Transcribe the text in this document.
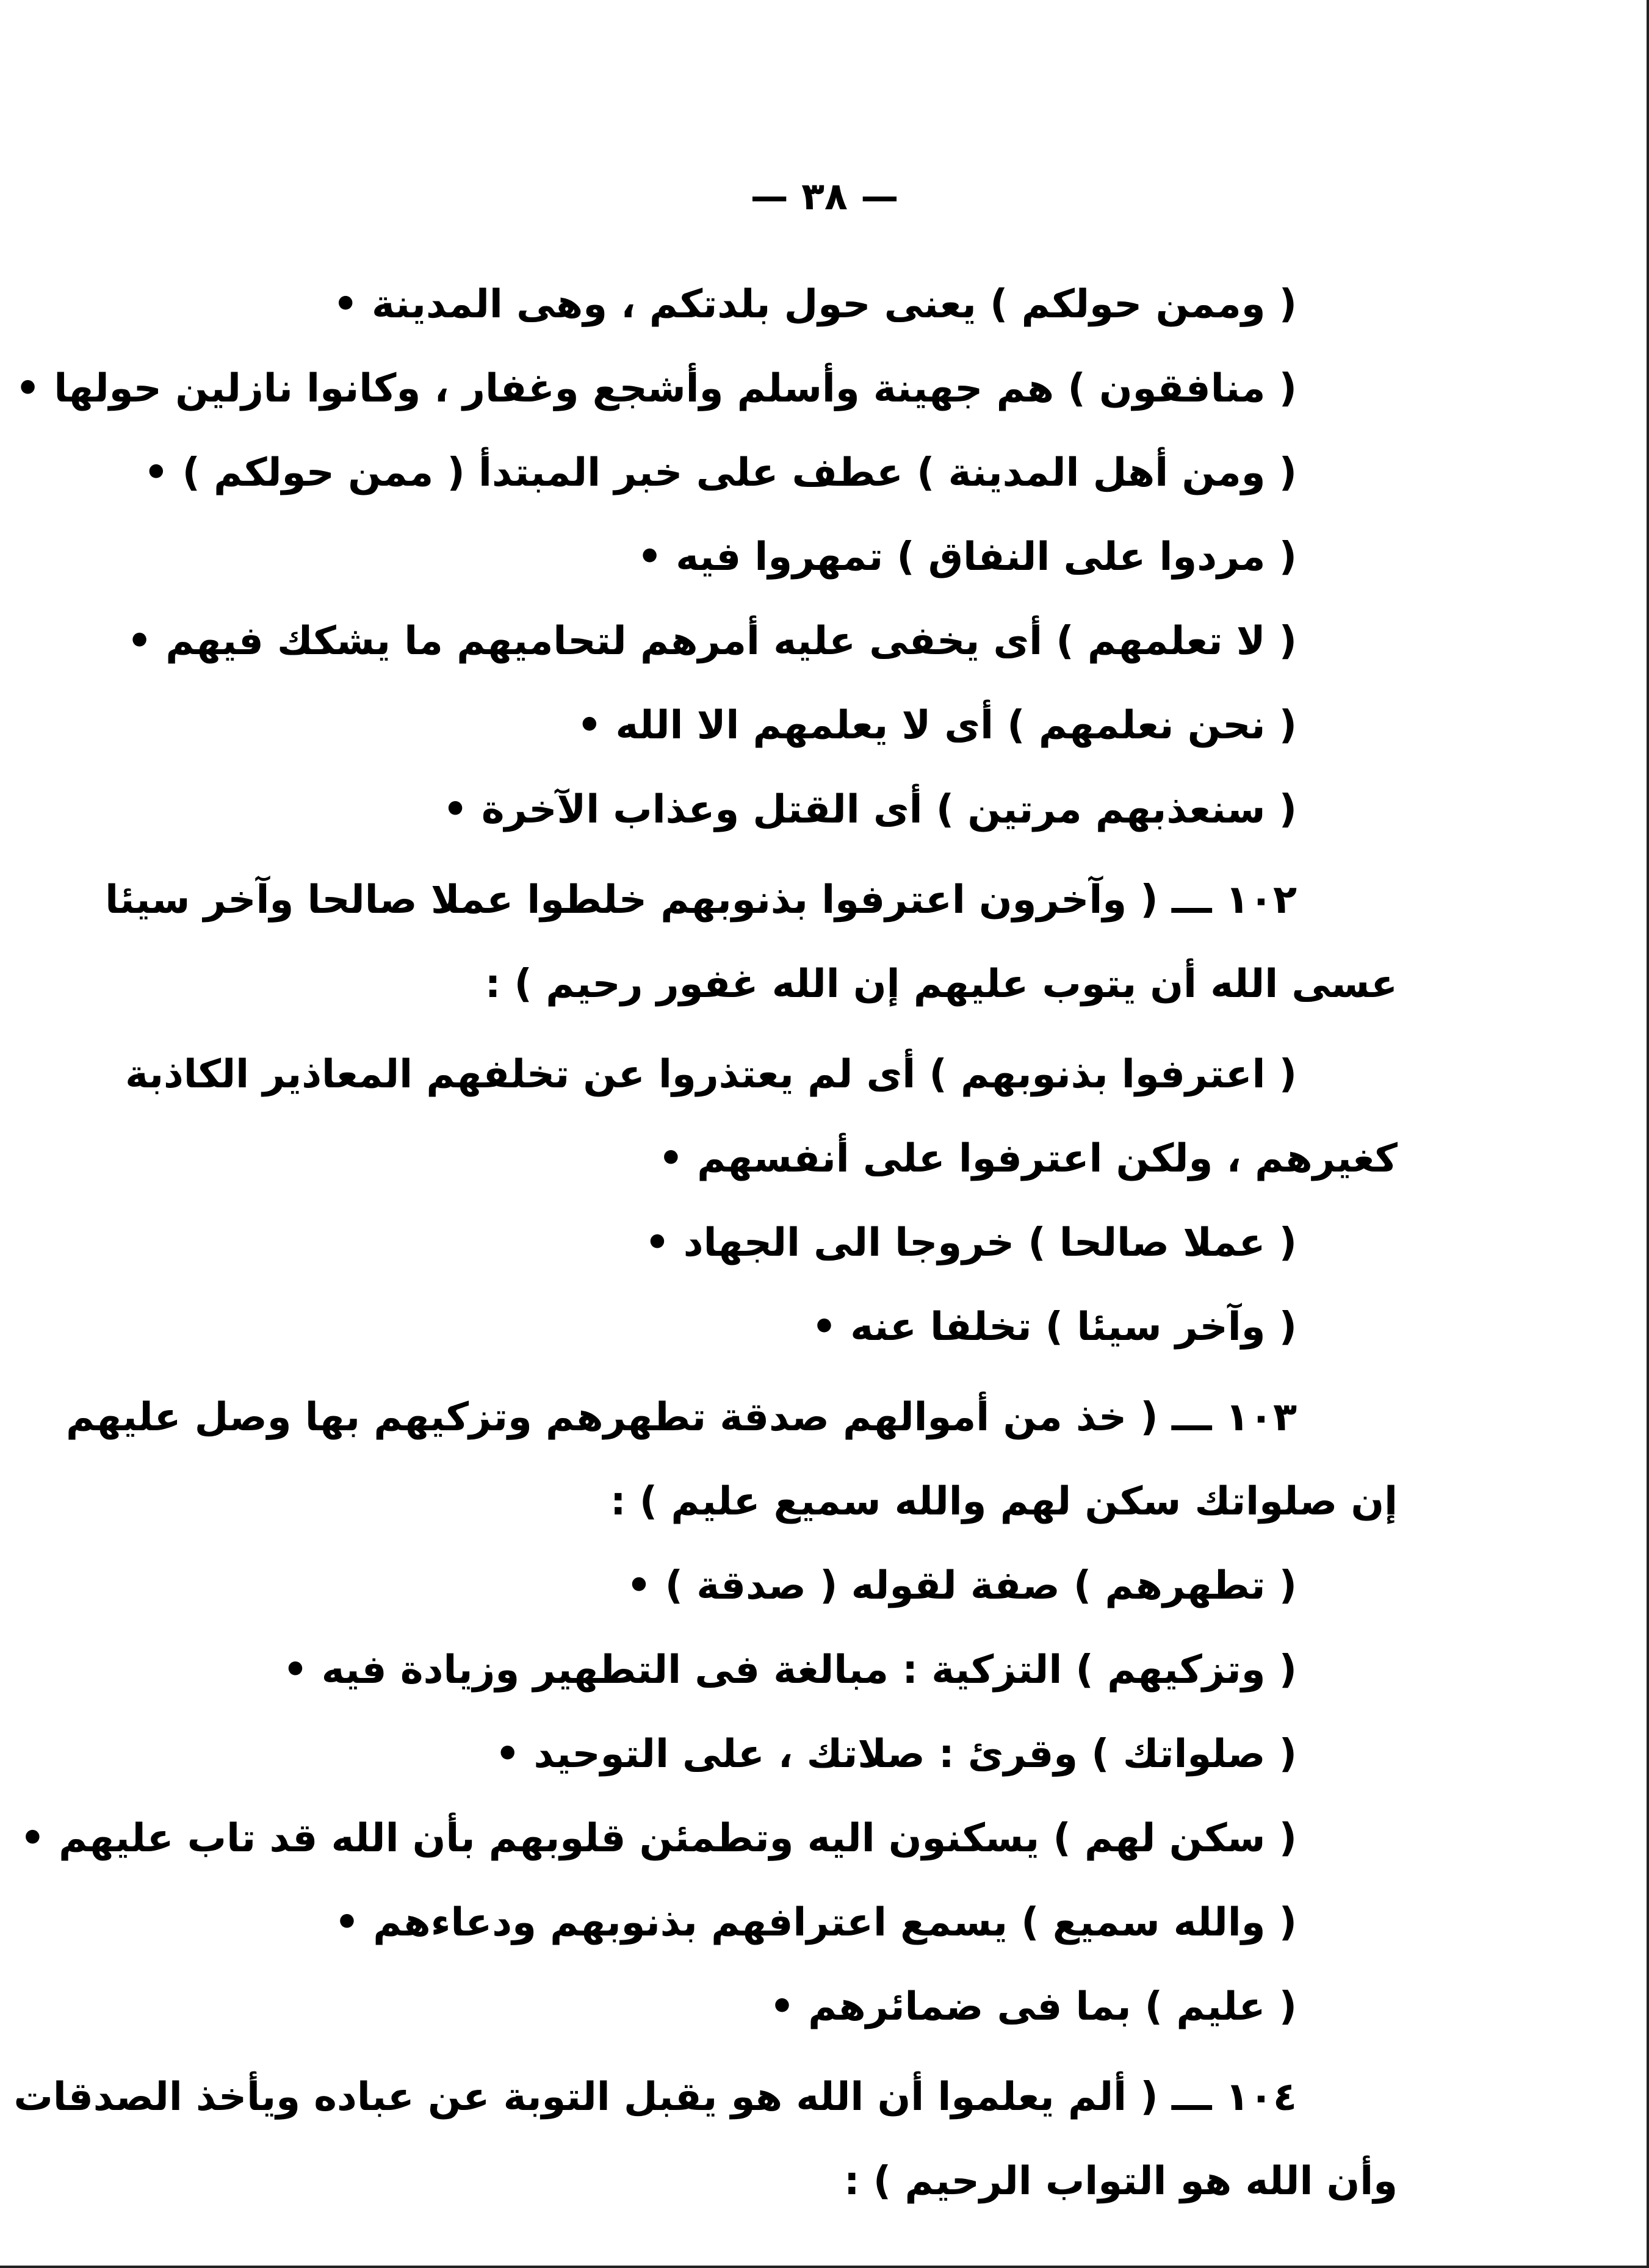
— ٣٨ —
( وممن حولكم ) يعنى حول بلدتكم ، وهى المدينة •
( منافقون ) هم جهينة وأسلم وأشجع وغفار ، وكانوا نازلين حولها •
( ومن أهل المدينة ) عطف على خبر المبتدأ ( ممن حولكم ) •
( مردوا على النفاق ) تمهروا فيه •
( لا تعلمهم ) أى يخفى عليه أمرهم لتحاميهم ما يشكك فيهم •
( نحن نعلمهم ) أى لا يعلمهم الا الله •
( سنعذبهم مرتين ) أى القتل وعذاب الآخرة •
١٠٢ ـــ ( وآخرون اعترفوا بذنوبهم خلطوا عملا صالحا وآخر سيئا
عسى الله أن يتوب عليهم إن الله غفور رحيم ) :
( اعترفوا بذنوبهم ) أى لم يعتذروا عن تخلفهم المعاذير الكاذبة
كغيرهم ، ولكن اعترفوا على أنفسهم •
( عملا صالحا ) خروجا الى الجهاد •
( وآخر سيئا ) تخلفا عنه •
١٠٣ ـــ ( خذ من أموالهم صدقة تطهرهم وتزكيهم بها وصل عليهم
إن صلواتك سكن لهم والله سميع عليم ) :
( تطهرهم ) صفة لقوله ( صدقة ) •
( وتزكيهم ) التزكية : مبالغة فى التطهير وزيادة فيه •
( صلواتك ) وقرئ : صلاتك ، على التوحيد •
( سكن لهم ) يسكنون اليه وتطمئن قلوبهم بأن الله قد تاب عليهم •
( والله سميع ) يسمع اعترافهم بذنوبهم ودعاءهم •
( عليم ) بما فى ضمائرهم •
١٠٤ ـــ ( ألم يعلموا أن الله هو يقبل التوبة عن عباده ويأخذ الصدقات
وأن الله هو التواب الرحيم ) :
